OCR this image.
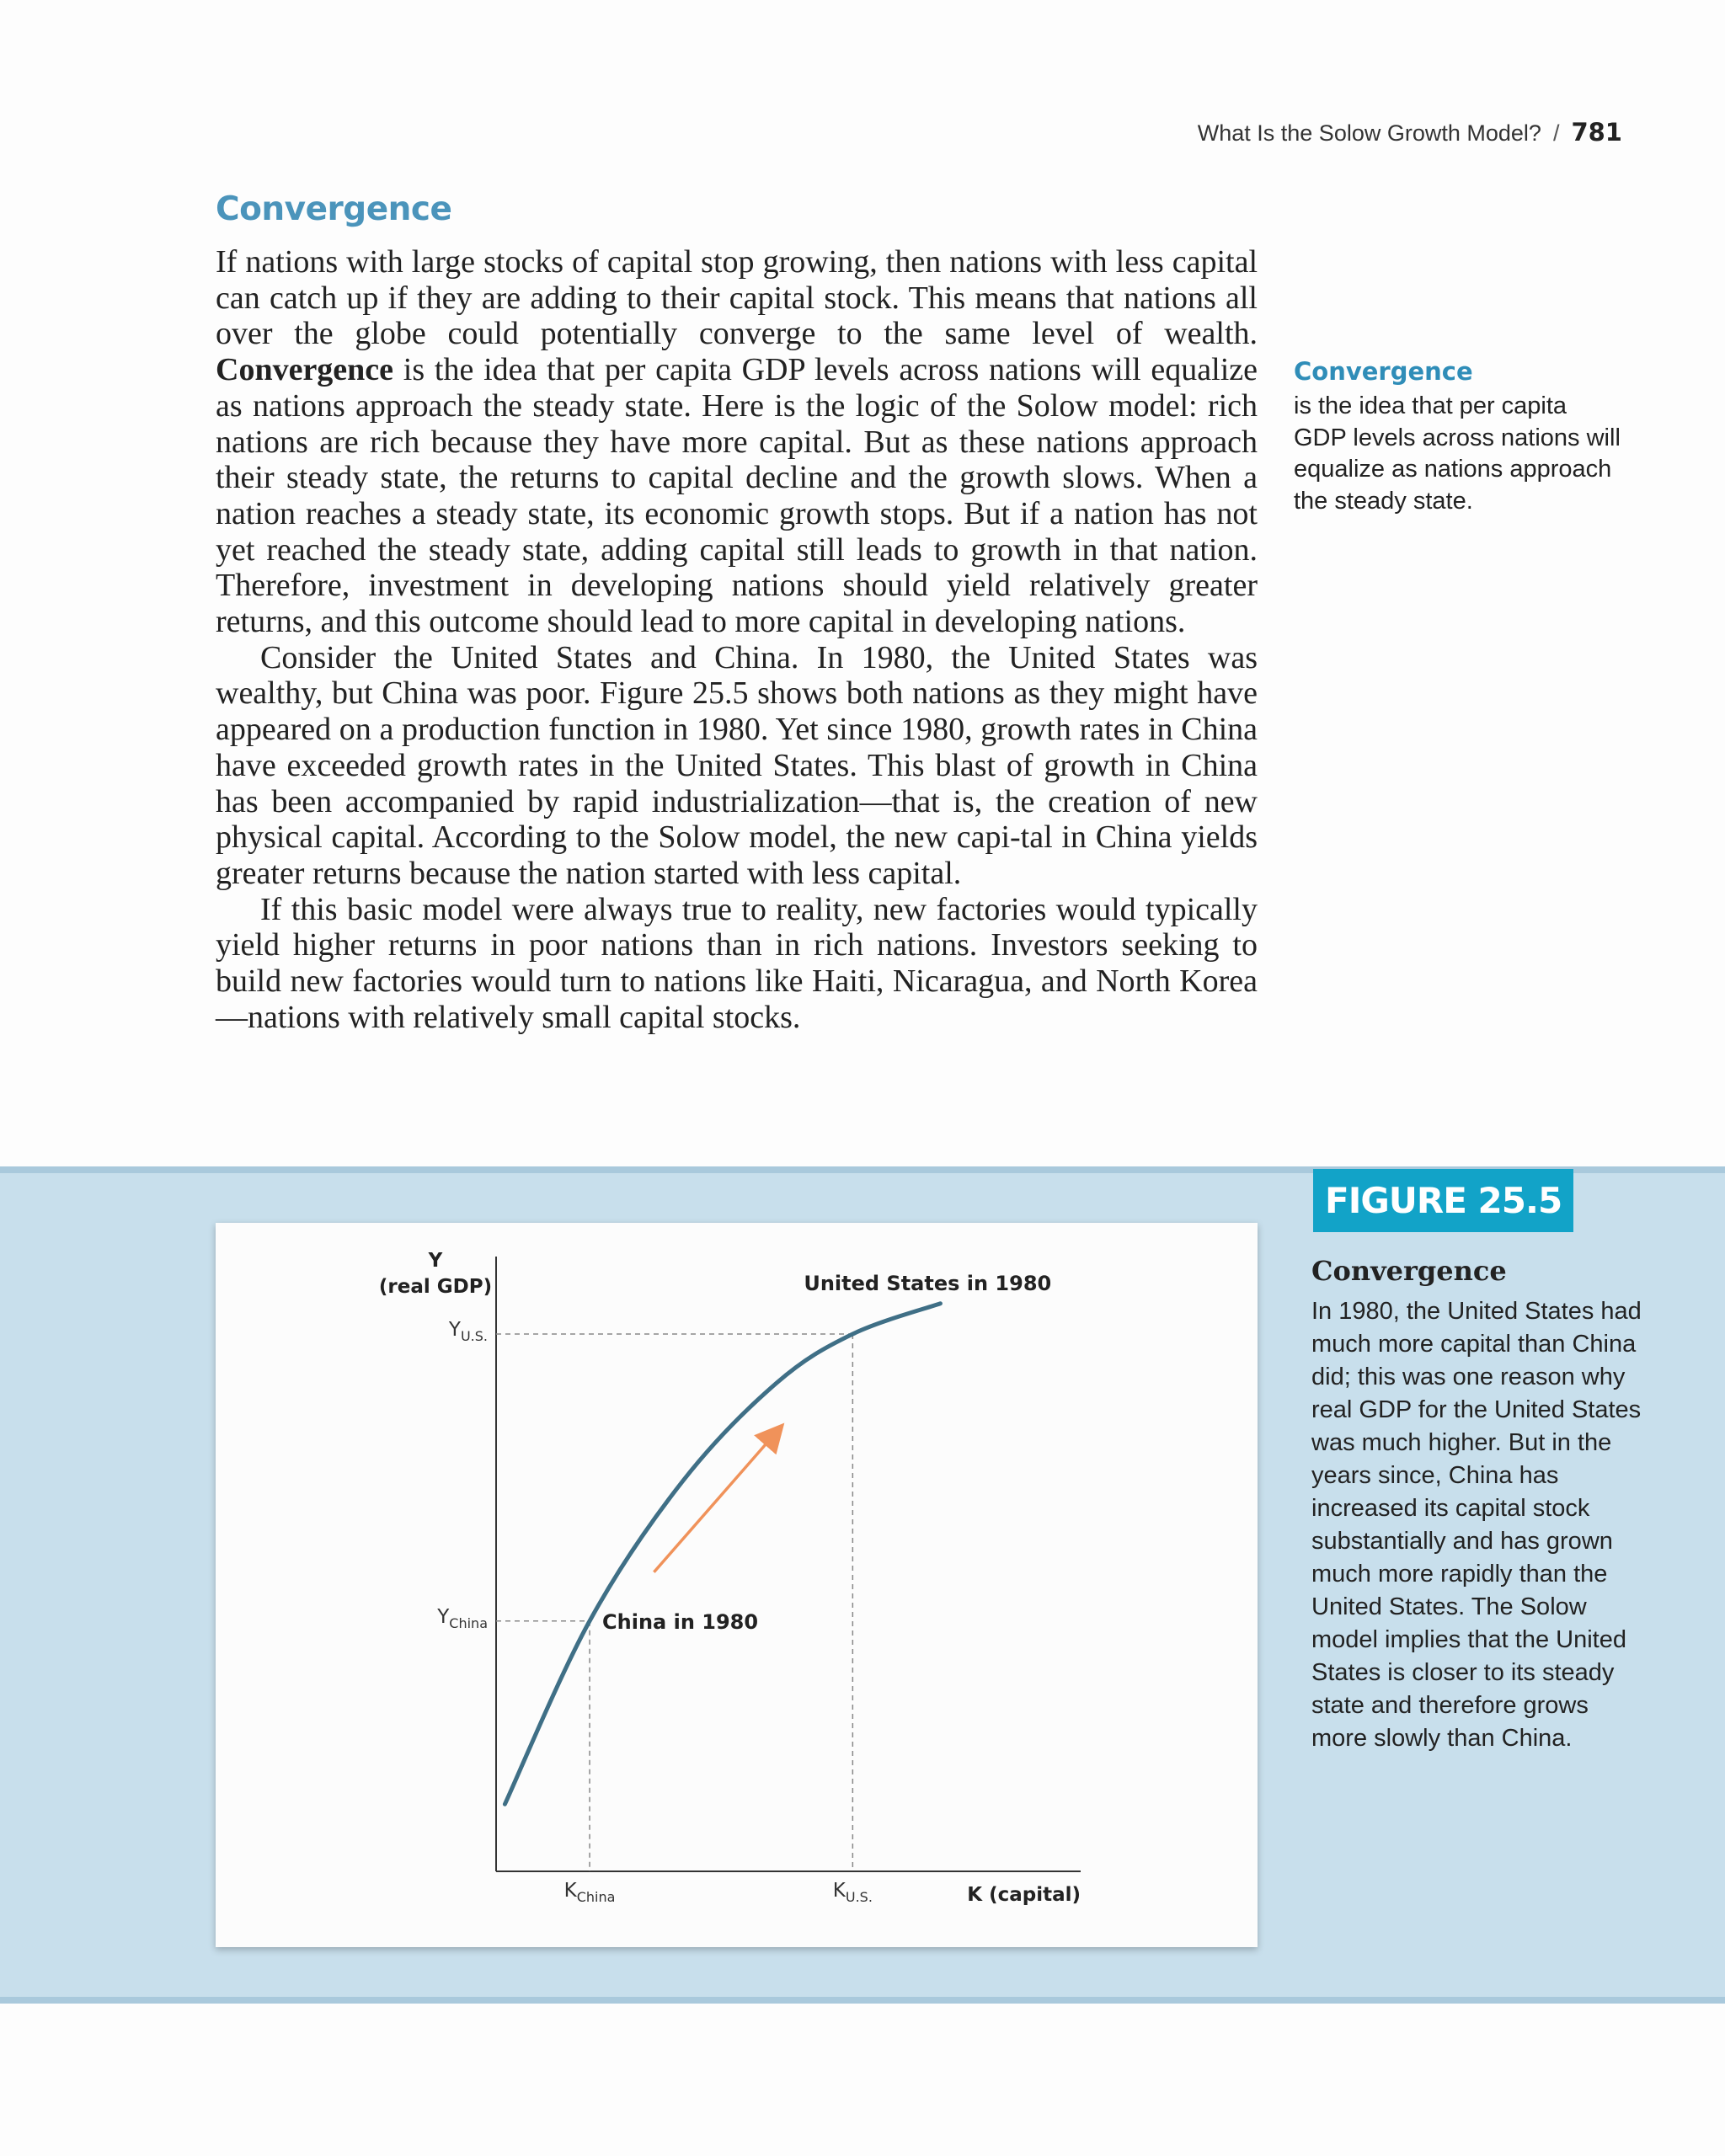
What Is the Solow Growth Model? / 781
Convergence

If nations with large stocks of capital stop growing, then nations with less capital can catch up if they are adding to their capital stock. This means that nations all over the globe could potentially converge to the same level of wealth. Convergence is the idea that per capita GDP levels across nations will equalize as nations approach the steady state. Here is the logic of the Solow model: rich nations are rich because they have more capital. But as these nations approach their steady state, the returns to capital decline and the growth slows. When a nation reaches a steady state, its economic growth stops. But if a nation has not yet reached the steady state, adding capital still leads to growth in that nation. Therefore, investment in developing nations should yield relatively greater returns, and this outcome should lead to more capital in developing nations.

Consider the United States and China. In 1980, the United States was wealthy, but China was poor. Figure 25.5 shows both nations as they might have appeared on a production function in 1980. Yet since 1980, growth rates in China have exceeded growth rates in the United States. This blast of growth in China has been accompanied by rapid industrialization—that is, the creation of new physical capital. According to the Solow model, the new capi-tal in China yields greater returns because the nation started with less capital.

If this basic model were always true to reality, new factories would typically yield higher returns in poor nations than in rich nations. Investors seeking to build new factories would turn to nations like Haiti, Nicaragua, and North Korea—nations with relatively small capital stocks.

Convergence

is the idea that per capita GDP levels across nations will equalize as nations approach the steady state.

FIGURE 25.5
Y
(real GDP)
K (capital)
China in 1980
United States in 1980
$Y_{China}$
$Y_{U.S.}$
$K_{China}$	$K_{U.S.}$

Convergence

In 1980, the United States had much more capital than China did; this was one reason why real GDP for the United States was much higher. But in the years since, China has increased its capital stock substantially and has grown much more rapidly than the United States. The Solow model implies that the United States is closer to its steady state and therefore grows more slowly than China.
